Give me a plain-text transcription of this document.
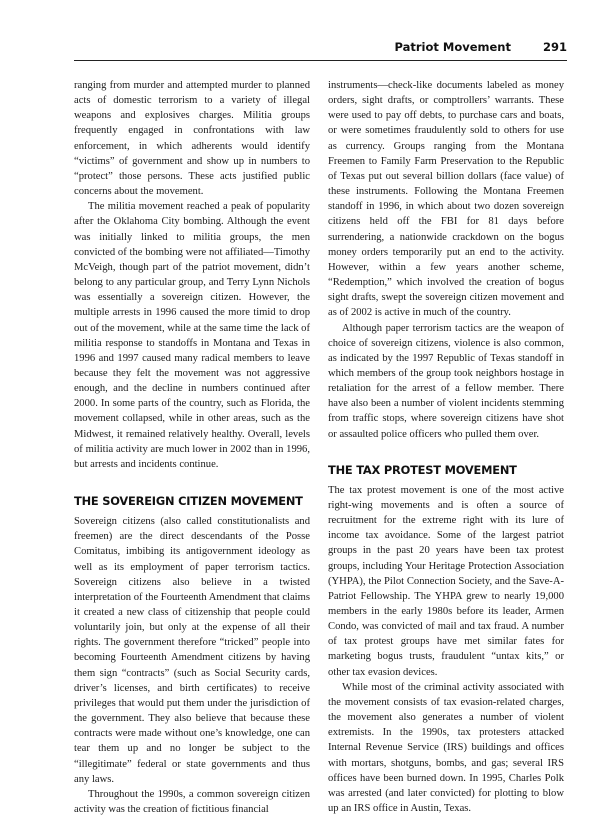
Patriot Movement	291

ranging from murder and attempted murder to planned acts of domestic terrorism to a variety of illegal weapons and explosives charges. Militia groups frequently engaged in confrontations with law enforcement, in which adherents would identify “victims” of government and show up in numbers to “protect” those persons. These acts justified public concerns about the movement.

The militia movement reached a peak of popularity after the Oklahoma City bombing. Although the event was initially linked to militia groups, the men convicted of the bombing were not affiliated—Timothy McVeigh, though part of the patriot movement, didn’t belong to any particular group, and Terry Lynn Nichols was essentially a sovereign citizen. However, the multiple arrests in 1996 caused the more timid to drop out of the movement, while at the same time the lack of militia response to standoffs in Montana and Texas in 1996 and 1997 caused many radical members to leave because they felt the movement was not aggressive enough, and the decline in numbers continued after 2000. In some parts of the country, such as Florida, the movement collapsed, while in other areas, such as the Midwest, it remained relatively healthy. Overall, levels of militia activity are much lower in 2002 than in 1996, but arrests and incidents continue.

THE SOVEREIGN CITIZEN MOVEMENT

Sovereign citizens (also called constitutionalists and freemen) are the direct descendants of the Posse Comitatus, imbibing its antigovernment ideology as well as its employment of paper terrorism tactics. Sovereign citizens also believe in a twisted interpretation of the Fourteenth Amendment that claims it created a new class of citizenship that people could voluntarily join, but only at the expense of all their rights. The government therefore “tricked” people into becoming Fourteenth Amendment citizens by having them sign “contracts” (such as Social Security cards, driver’s licenses, and birth certificates) to receive privileges that would put them under the jurisdiction of the government. They also believe that because these contracts were made without one’s knowledge, one can tear them up and no longer be subject to the “illegitimate” federal or state governments and thus any laws.

Throughout the 1990s, a common sovereign citizen activity was the creation of fictitious financial

instruments—check-like documents labeled as money orders, sight drafts, or comptrollers’ warrants. These were used to pay off debts, to purchase cars and boats, or were sometimes fraudulently sold to others for use as currency. Groups ranging from the Montana Freemen to Family Farm Preservation to the Republic of Texas put out several billion dollars (face value) of these instruments. Following the Montana Freemen standoff in 1996, in which about two dozen sovereign citizens held off the FBI for 81 days before surrendering, a nationwide crackdown on the bogus money orders temporarily put an end to the activity. However, within a few years another scheme, “Redemption,” which involved the creation of bogus sight drafts, swept the sovereign citizen movement and as of 2002 is active in much of the country.

Although paper terrorism tactics are the weapon of choice of sovereign citizens, violence is also common, as indicated by the 1997 Republic of Texas standoff in which members of the group took neighbors hostage in retaliation for the arrest of a fellow member. There have also been a number of violent incidents stemming from traffic stops, where sovereign citizens have shot or assaulted police officers who pulled them over.

THE TAX PROTEST MOVEMENT

The tax protest movement is one of the most active right-wing movements and is often a source of recruitment for the extreme right with its lure of income tax avoidance. Some of the largest patriot groups in the past 20 years have been tax protest groups, including Your Heritage Protection Association (YHPA), the Pilot Connection Society, and the Save-A-Patriot Fellowship. The YHPA grew to nearly 19,000 members in the early 1980s before its leader, Armen Condo, was convicted of mail and tax fraud. A number of tax protest groups have met similar fates for marketing bogus trusts, fraudulent “untax kits,” or other tax evasion devices.

While most of the criminal activity associated with the movement consists of tax evasion-related charges, the movement also generates a number of violent extremists. In the 1990s, tax protesters attacked Internal Revenue Service (IRS) buildings and offices with mortars, shotguns, bombs, and gas; several IRS offices have been burned down. In 1995, Charles Polk was arrested (and later convicted) for plotting to blow up an IRS office in Austin, Texas.
